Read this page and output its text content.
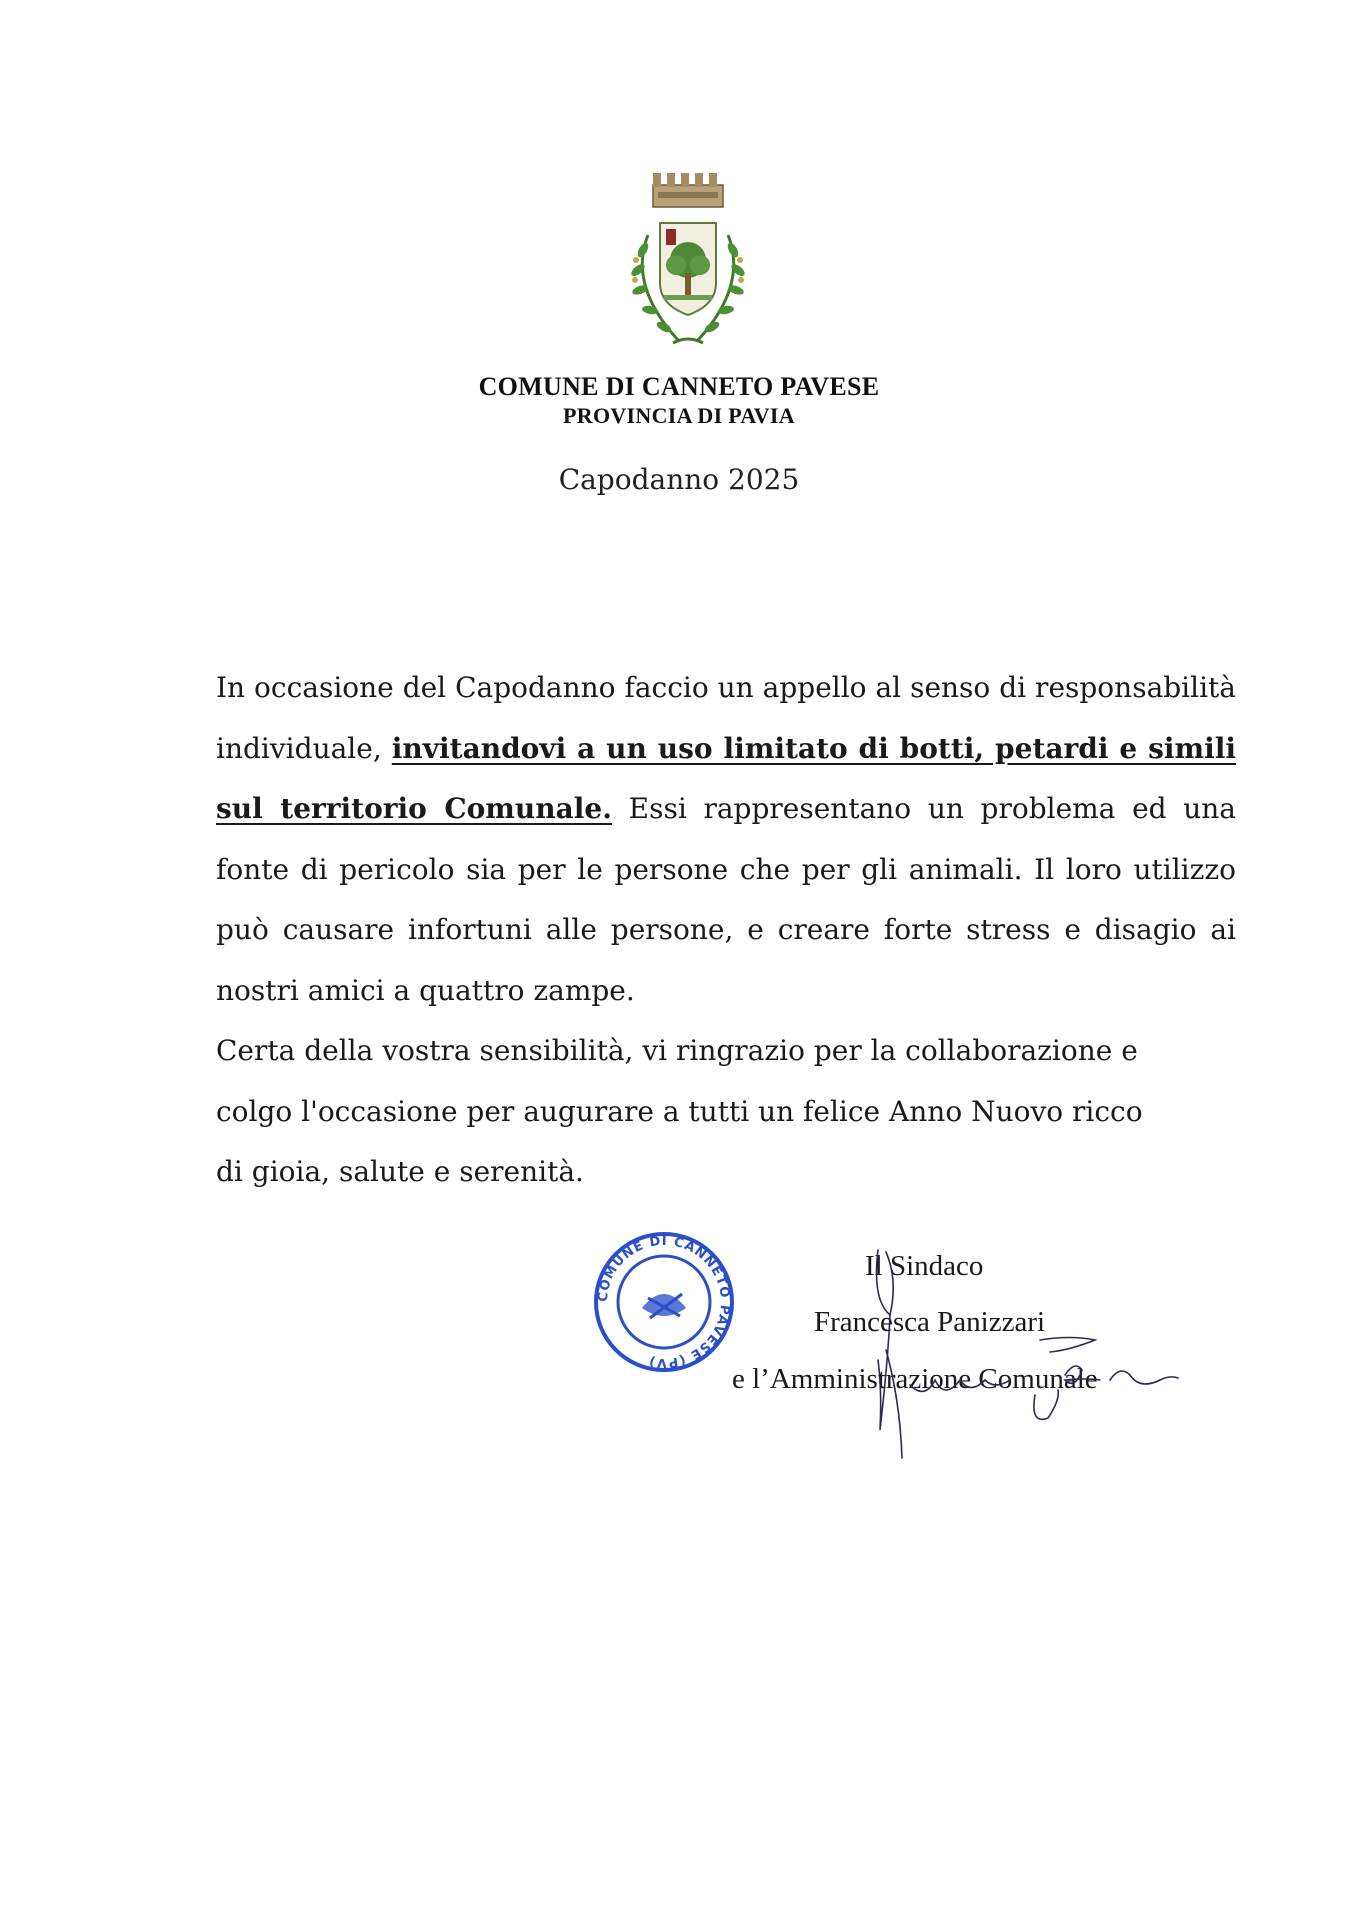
COMUNE DI CANNETO PAVESE
PROVINCIA DI PAVIA
Capodanno 2025

In occasione del Capodanno faccio un appello al senso di responsabilità individuale, invitandovi a un uso limitato di botti, petardi e simili sul territorio Comunale. Essi rappresentano un problema ed una fonte di pericolo sia per le persone che per gli animali. Il loro utilizzo può causare infortuni alle persone, e creare forte stress e disagio ai nostri amici a quattro zampe.

Certa della vostra sensibilità, vi ringrazio per la collaborazione e
colgo l'occasione per augurare a tutti un felice Anno Nuovo ricco
di gioia, salute e serenità.

COMUNE DI CANNETO PAVESE (PV)
Il Sindaco
Francesca Panizzari
e l’Amministrazione Comunale
